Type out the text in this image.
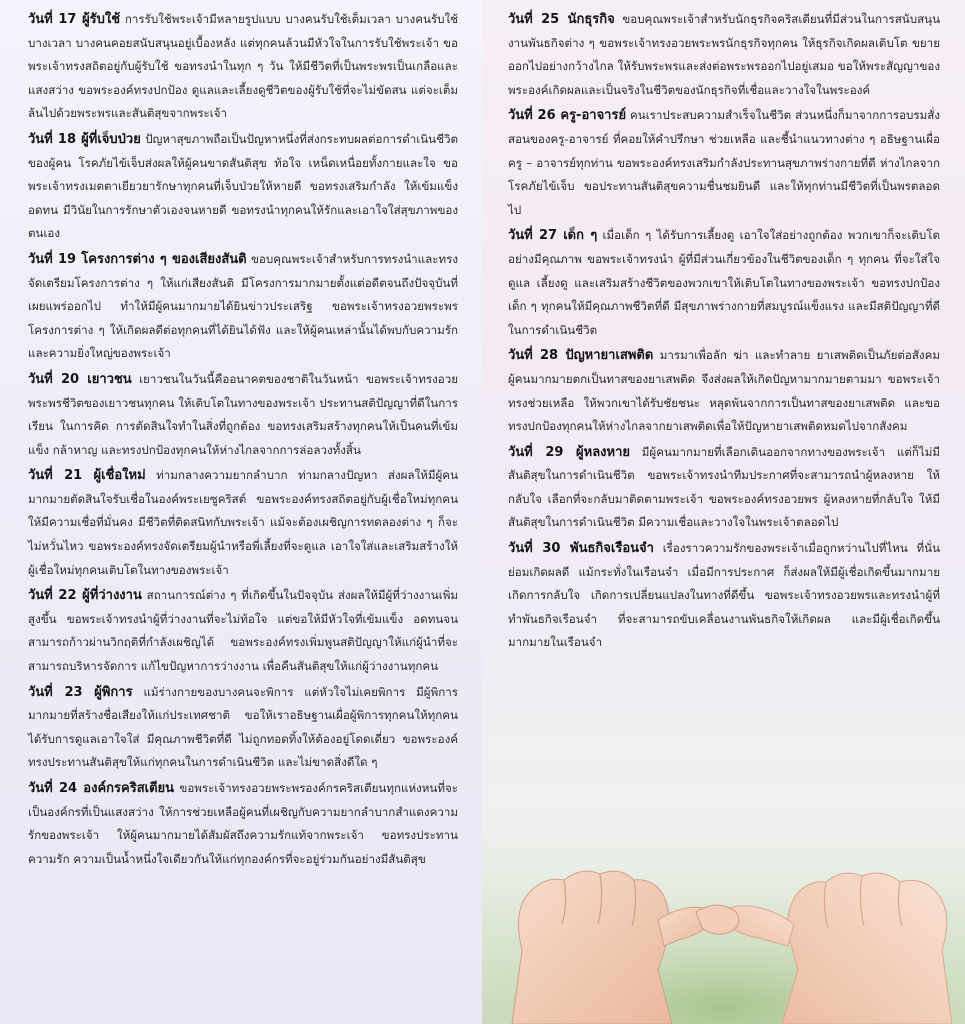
วันที่ 17 ผู้รับใช้ การรับใช้พระเจ้ามีหลายรูปแบบ บางคนรับใช้เต็มเวลา บางคนรับใช้บางเวลา บางคนคอยสนับสนุนอยู่เบื้องหลัง แต่ทุกคนล้วนมีหัวใจในการรับใช้พระเจ้า ขอพระเจ้าทรงสถิตอยู่กับผู้รับใช้ ขอทรงนำในทุก ๆ วัน ให้มีชีวิตที่เป็นพระพรเป็นเกลือและแสงสว่าง ขอพระองค์ทรงปกป้อง ดูแลและเลี้ยงดูชีวิตของผู้รับใช้ที่จะไม่ขัดสน แต่จะเต็มล้นไปด้วยพระพรและสันติสุขจากพระเจ้า

วันที่ 18 ผู้ที่เจ็บป่วย ปัญหาสุขภาพถือเป็นปัญหาหนึ่งที่ส่งกระทบผลต่อการดำเนินชีวิตของผู้คน โรคภัยไข้เจ็บส่งผลให้ผู้คนขาดสันติสุข ท้อใจ เหน็ดเหนื่อยทั้งกายและใจ ขอพระเจ้าทรงเมตตาเยียวยารักษาทุกคนที่เจ็บป่วยให้หายดี ขอทรงเสริมกำลัง ให้เข้มแข็ง อดทน มีวินัยในการรักษาตัวเองจนหายดี ขอทรงนำทุกคนให้รักและเอาใจใส่สุขภาพของตนเอง

วันที่ 19 โครงการต่าง ๆ ของเสียงสันติ ขอบคุณพระเจ้าสำหรับการทรงนำและทรงจัดเตรียมโครงการต่าง ๆ ให้แก่เสียงสันติ มีโครงการมากมายตั้งแต่อดีตจนถึงปัจจุบันที่เผยแพร่ออกไป ทำให้มีผู้คนมากมายได้ยินข่าวประเสริฐ ขอพระเจ้าทรงอวยพระพรโครงการต่าง ๆ ให้เกิดผลดีต่อทุกคนที่ได้ยินได้ฟัง และให้ผู้คนเหล่านั้นได้พบกับความรักและความยิ่งใหญ่ของพระเจ้า

วันที่ 20 เยาวชน เยาวชนในวันนี้คืออนาคตของชาติในวันหน้า ขอพระเจ้าทรงอวยพระพรชีวิตของเยาวชนทุกคน ให้เติบโตในทางของพระเจ้า ประทานสติปัญญาที่ดีในการเรียน ในการคิด การตัดสินใจทำในสิ่งที่ถูกต้อง ขอทรงเสริมสร้างทุกคนให้เป็นคนที่เข้มแข็ง กล้าหาญ และทรงปกป้องทุกคนให้ห่างไกลจากการล่อลวงทั้งสิ้น

วันที่ 21 ผู้เชื่อใหม่ ท่ามกลางความยากลำบาก ท่ามกลางปัญหา ส่งผลให้มีผู้คนมากมายตัดสินใจรับเชื่อในองค์พระเยซูคริสต์ ขอพระองค์ทรงสถิตอยู่กับผู้เชื่อใหม่ทุกคน ให้มีความเชื่อที่มั่นคง มีชีวิตที่ติดสนิทกับพระเจ้า แม้จะต้องเผชิญการทดลองต่าง ๆ ก็จะไม่หวั่นไหว ขอพระองค์ทรงจัดเตรียมผู้นำหรือพี่เลี้ยงที่จะดูแล เอาใจใส่และเสริมสร้างให้ผู้เชื่อใหม่ทุกคนเติบโตในทางของพระเจ้า

วันที่ 22 ผู้ที่ว่างงาน สถานการณ์ต่าง ๆ ที่เกิดขึ้นในปัจจุบัน ส่งผลให้มีผู้ที่ว่างงานเพิ่มสูงขึ้น ขอพระเจ้าทรงนำผู้ที่ว่างงานที่จะไม่ท้อใจ แต่ขอให้มีหัวใจที่เข้มแข็ง อดทนจนสามารถก้าวผ่านวิกฤติที่กำลังเผชิญได้ ขอพระองค์ทรงเพิ่มพูนสติปัญญาให้แก่ผู้นำที่จะสามารถบริหารจัดการ แก้ไขปัญหาการว่างงาน เพื่อคืนสันติสุขให้แก่ผู้ว่างงานทุกคน

วันที่ 23 ผู้พิการ แม้ร่างกายของบางคนจะพิการ แต่หัวใจไม่เคยพิการ มีผู้พิการมากมายที่สร้างชื่อเสียงให้แก่ประเทศชาติ ขอให้เราอธิษฐานเผื่อผู้พิการทุกคนให้ทุกคนได้รับการดูแลเอาใจใส่ มีคุณภาพชีวิตที่ดี ไม่ถูกทอดทิ้งให้ต้องอยู่โดดเดี่ยว ขอพระองค์ทรงประทานสันติสุขให้แก่ทุกคนในการดำเนินชีวิต และไม่ขาดสิ่งดีใด ๆ

วันที่ 24 องค์กรคริสเตียน ขอพระเจ้าทรงอวยพระพรองค์กรคริสเตียนทุกแห่งหนที่จะเป็นองค์กรที่เป็นแสงสว่าง ให้การช่วยเหลือผู้คนที่เผชิญกับความยากลำบากสำแดงความรักของพระเจ้า ให้ผู้คนมากมายได้สัมผัสถึงความรักแท้จากพระเจ้า ขอทรงประทานความรัก ความเป็นน้ำหนึ่งใจเดียวกันให้แก่ทุกองค์กรที่จะอยู่ร่วมกันอย่างมีสันติสุข

วันที่ 25 นักธุรกิจ ขอบคุณพระเจ้าสำหรับนักธุรกิจคริสเตียนที่มีส่วนในการสนับสนุนงานพันธกิจต่าง ๆ ขอพระเจ้าทรงอวยพระพรนักธุรกิจทุกคน ให้ธุรกิจเกิดผลเติบโต ขยายออกไปอย่างกว้างไกล ให้รับพระพรและส่งต่อพระพรออกไปอยู่เสมอ ขอให้พระสัญญาของพระองค์เกิดผลและเป็นจริงในชีวิตของนักธุรกิจที่เชื่อและวางใจในพระองค์

วันที่ 26 ครู-อาจารย์ คนเราประสบความสำเร็จในชีวิต ส่วนหนึ่งก็มาจากการอบรมสั่งสอนของครู-อาจารย์ ที่คอยให้คำปรึกษา ช่วยเหลือ และชี้นำแนวทางต่าง ๆ อธิษฐานเผื่อครู – อาจารย์ทุกท่าน ขอพระองค์ทรงเสริมกำลังประทานสุขภาพร่างกายที่ดี ห่างไกลจากโรคภัยไข้เจ็บ ขอประทานสันติสุขความชื่นชมยินดี และให้ทุกท่านมีชีวิตที่เป็นพรตลอดไป

วันที่ 27 เด็ก ๆ เมื่อเด็ก ๆ ได้รับการเลี้ยงดู เอาใจใส่อย่างถูกต้อง พวกเขาก็จะเติบโตอย่างมีคุณภาพ ขอพระเจ้าทรงนำ ผู้ที่มีส่วนเกี่ยวข้องในชีวิตของเด็ก ๆ ทุกคน ที่จะใส่ใจ ดูแล เลี้ยงดู และเสริมสร้างชีวิตของพวกเขาให้เติบโตในทางของพระเจ้า ขอทรงปกป้องเด็ก ๆ ทุกคนให้มีคุณภาพชีวิตที่ดี มีสุขภาพร่างกายที่สมบูรณ์แข็งแรง และมีสติปัญญาที่ดีในการดำเนินชีวิต

วันที่ 28 ปัญหายาเสพติด มารมาเพื่อลัก ฆ่า และทำลาย ยาเสพติดเป็นภัยต่อสังคม ผู้คนมากมายตกเป็นทาสของยาเสพติด จึงส่งผลให้เกิดปัญหามากมายตามมา ขอพระเจ้าทรงช่วยเหลือ ให้พวกเขาได้รับชัยชนะ หลุดพ้นจากการเป็นทาสของยาเสพติด และขอทรงปกป้องทุกคนให้ห่างไกลจากยาเสพติดเพื่อให้ปัญหายาเสพติดหมดไปจากสังคม

วันที่ 29 ผู้หลงหาย มีผู้คนมากมายที่เลือกเดินออกจากทางของพระเจ้า แต่ก็ไม่มีสันติสุขในการดำเนินชีวิต ขอพระเจ้าทรงนำทีมประกาศที่จะสามารถนำผู้หลงหาย ให้กลับใจ เลือกที่จะกลับมาติดตามพระเจ้า ขอพระองค์ทรงอวยพร ผู้หลงหายที่กลับใจ ให้มีสันติสุขในการดำเนินชีวิต มีความเชื่อและวางใจในพระเจ้าตลอดไป

วันที่ 30 พันธกิจเรือนจำ เรื่องราวความรักของพระเจ้าเมื่อถูกหว่านไปที่ไหน ที่นั่นย่อมเกิดผลดี แม้กระทั่งในเรือนจำ เมื่อมีการประกาศ ก็ส่งผลให้มีผู้เชื่อเกิดขึ้นมากมาย เกิดการกลับใจ เกิดการเปลี่ยนแปลงในทางที่ดีขึ้น ขอพระเจ้าทรงอวยพรและทรงนำผู้ที่ทำพันธกิจเรือนจำ ที่จะสามารถขับเคลื่อนงานพันธกิจให้เกิดผล และมีผู้เชื่อเกิดขึ้นมากมายในเรือนจำ
